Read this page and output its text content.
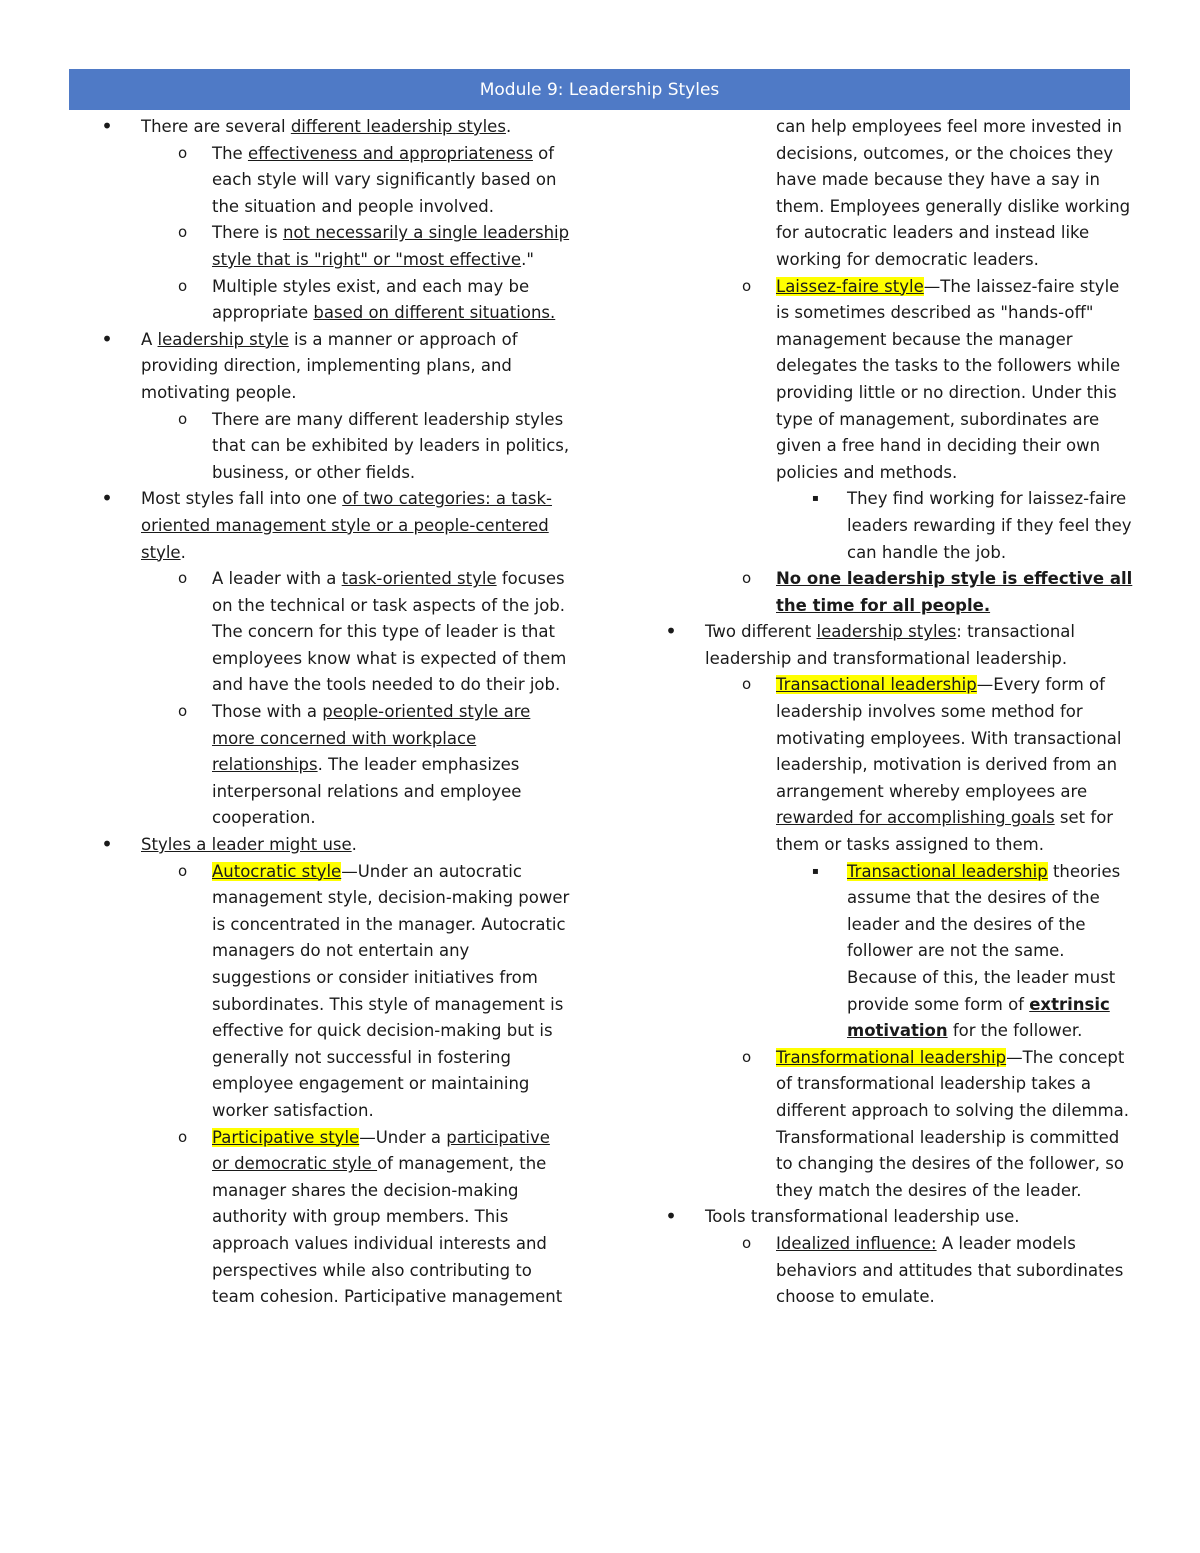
Module 9: Leadership Styles
• There are several different leadership styles.
o The effectiveness and appropriateness of each style will vary significantly based on the situation and people involved.
o There is not necessarily a single leadership style that is "right" or "most effective."
o Multiple styles exist, and each may be appropriate based on different situations.
• A leadership style is a manner or approach of providing direction, implementing plans, and motivating people.
o There are many different leadership styles that can be exhibited by leaders in politics, business, or other fields.
• Most styles fall into one of two categories: a task-oriented management style or a people-centered style.
o A leader with a task-oriented style focuses on the technical or task aspects of the job. The concern for this type of leader is that employees know what is expected of them and have the tools needed to do their job.
o Those with a people-oriented style are more concerned with workplace relationships. The leader emphasizes interpersonal relations and employee cooperation.
• Styles a leader might use.
o Autocratic style—Under an autocratic management style, decision-making power is concentrated in the manager. Autocratic managers do not entertain any suggestions or consider initiatives from subordinates. This style of management is effective for quick decision-making but is generally not successful in fostering employee engagement or maintaining worker satisfaction.
o Participative style—Under a participative or democratic style of management, the manager shares the decision-making authority with group members. This approach values individual interests and perspectives while also contributing to team cohesion. Participative management
can help employees feel more invested in decisions, outcomes, or the choices they have made because they have a say in them. Employees generally dislike working for autocratic leaders and instead like working for democratic leaders.
o Laissez-faire style—The laissez-faire style is sometimes described as "hands-off" management because the manager delegates the tasks to the followers while providing little or no direction. Under this type of management, subordinates are given a free hand in deciding their own policies and methods.
▪ They find working for laissez-faire leaders rewarding if they feel they can handle the job.
o No one leadership style is effective all the time for all people.
• Two different leadership styles: transactional leadership and transformational leadership.
o Transactional leadership—Every form of leadership involves some method for motivating employees. With transactional leadership, motivation is derived from an arrangement whereby employees are rewarded for accomplishing goals set for them or tasks assigned to them.
▪ Transactional leadership theories assume that the desires of the leader and the desires of the follower are not the same. Because of this, the leader must provide some form of extrinsic motivation for the follower.
o Transformational leadership—The concept of transformational leadership takes a different approach to solving the dilemma. Transformational leadership is committed to changing the desires of the follower, so they match the desires of the leader.
• Tools transformational leadership use.
o Idealized influence: A leader models behaviors and attitudes that subordinates choose to emulate.
